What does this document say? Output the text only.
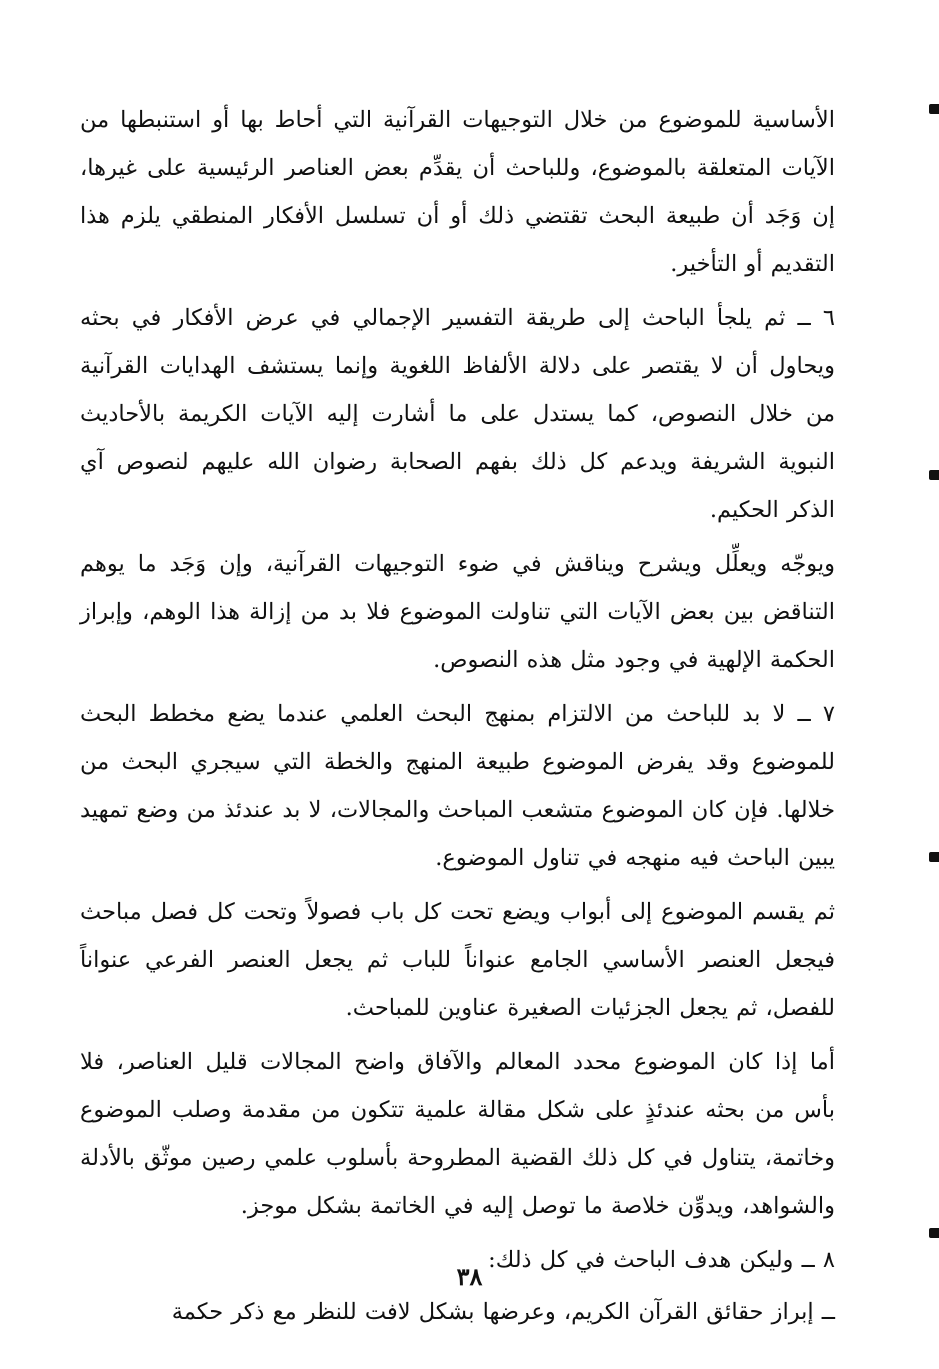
الأساسية للموضوع من خلال التوجيهات القرآنية التي أحاط بها أو استنبطها من الآيات المتعلقة بالموضوع، وللباحث أن يقدِّم بعض العناصر الرئيسية على غيرها، إن وَجَد أن طبيعة البحث تقتضي ذلك أو أن تسلسل الأفكار المنطقي يلزم هذا التقديم أو التأخير.

٦ ــ ثم يلجأ الباحث إلى طريقة التفسير الإجمالي في عرض الأفكار في بحثه ويحاول أن لا يقتصر على دلالة الألفاظ اللغوية وإنما يستشف الهدايات القرآنية من خلال النصوص، كما يستدل على ما أشارت إليه الآيات الكريمة بالأحاديث النبوية الشريفة ويدعم كل ذلك بفهم الصحابة رضوان الله عليهم لنصوص آي الذكر الحكيم.

ويوجّه ويعلِّل ويشرح ويناقش في ضوء التوجيهات القرآنية، وإن وَجَد ما يوهم التناقض بين بعض الآيات التي تناولت الموضوع فلا بد من إزالة هذا الوهم، وإبراز الحكمة الإلهية في وجود مثل هذه النصوص.

٧ ــ لا بد للباحث من الالتزام بمنهج البحث العلمي عندما يضع مخطط البحث للموضوع وقد يفرض الموضوع طبيعة المنهج والخطة التي سيجري البحث من خلالها. فإن كان الموضوع متشعب المباحث والمجالات، لا بد عندئذ من وضع تمهيد يبين الباحث فيه منهجه في تناول الموضوع.

ثم يقسم الموضوع إلى أبواب ويضع تحت كل باب فصولاً وتحت كل فصل مباحث فيجعل العنصر الأساسي الجامع عنواناً للباب ثم يجعل العنصر الفرعي عنواناً للفصل، ثم يجعل الجزئيات الصغيرة عناوين للمباحث.

أما إذا كان الموضوع محدد المعالم والآفاق واضح المجالات قليل العناصر، فلا بأس من بحثه عندئذٍ على شكل مقالة علمية تتكون من مقدمة وصلب الموضوع وخاتمة، يتناول في كل ذلك القضية المطروحة بأسلوب علمي رصين موثّق بالأدلة والشواهد، ويدوِّن خلاصة ما توصل إليه في الخاتمة بشكل موجز.

٨ ــ وليكن هدف الباحث في كل ذلك:

ــ إبراز حقائق القرآن الكريم، وعرضها بشكل لافت للنظر مع ذكر حكمة

٣٨
